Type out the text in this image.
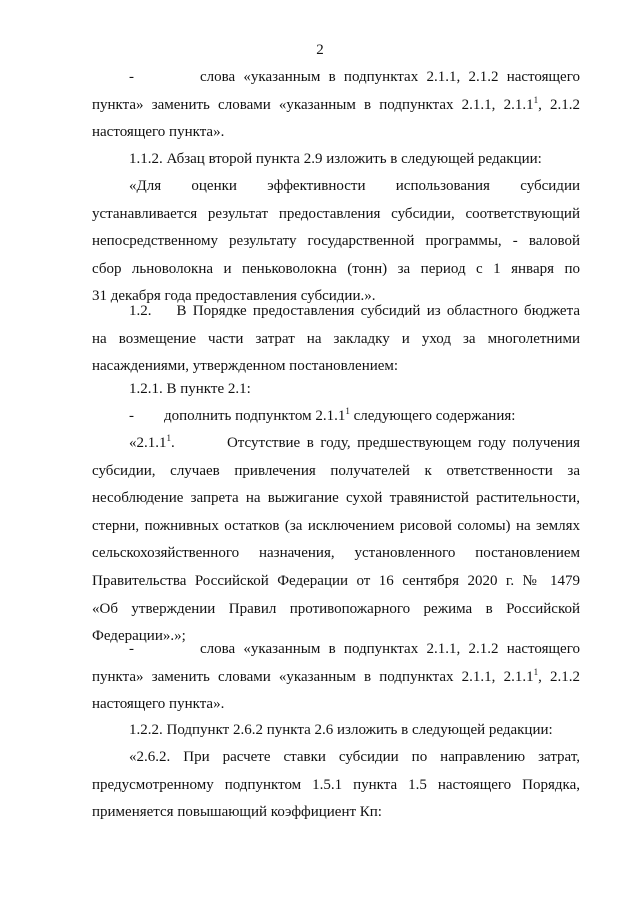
2
-        слова «указанным в подпунктах 2.1.1, 2.1.2 настоящего
пункта» заменить словами «указанным в подпунктах 2.1.1, 2.1.1$^1$, 2.1.2
настоящего пункта».
1.1.2. Абзац второй пункта 2.9 изложить в следующей редакции:
«Для оценки эффективности использования субсидии
устанавливается результат предоставления субсидии, соответствующий
непосредственному результату государственной программы, - валовой
сбор льноволокна и пеньковолокна (тонн) за период с 1 января по
31 декабря года предоставления субсидии.».
1.2.    В Порядке предоставления субсидий из областного бюджета
на возмещение части затрат на закладку и уход за многолетними
насаждениями, утвержденном постановлением:
1.2.1. В пункте 2.1:
-        дополнить подпунктом 2.1.1$^1$ следующего содержания:
«2.1.1$^1$.        Отсутствие в году, предшествующем году получения
субсидии, случаев привлечения получателей к ответственности за
несоблюдение запрета на выжигание сухой травянистой растительности,
стерни, пожнивных остатков (за исключением рисовой соломы) на землях
сельскохозяйственного назначения, установленного постановлением
Правительства Российской Федерации от 16 сентября 2020 г. № 1479
«Об утверждении Правил противопожарного режима в Российской
Федерации».»;
-        слова «указанным в подпунктах 2.1.1, 2.1.2 настоящего
пункта» заменить словами «указанным в подпунктах 2.1.1, 2.1.1$^1$, 2.1.2
настоящего пункта».
1.2.2. Подпункт 2.6.2 пункта 2.6 изложить в следующей редакции:
«2.6.2. При расчете ставки субсидии по направлению затрат,
предусмотренному подпунктом 1.5.1 пункта 1.5 настоящего Порядка,
применяется повышающий коэффициент Кп:
